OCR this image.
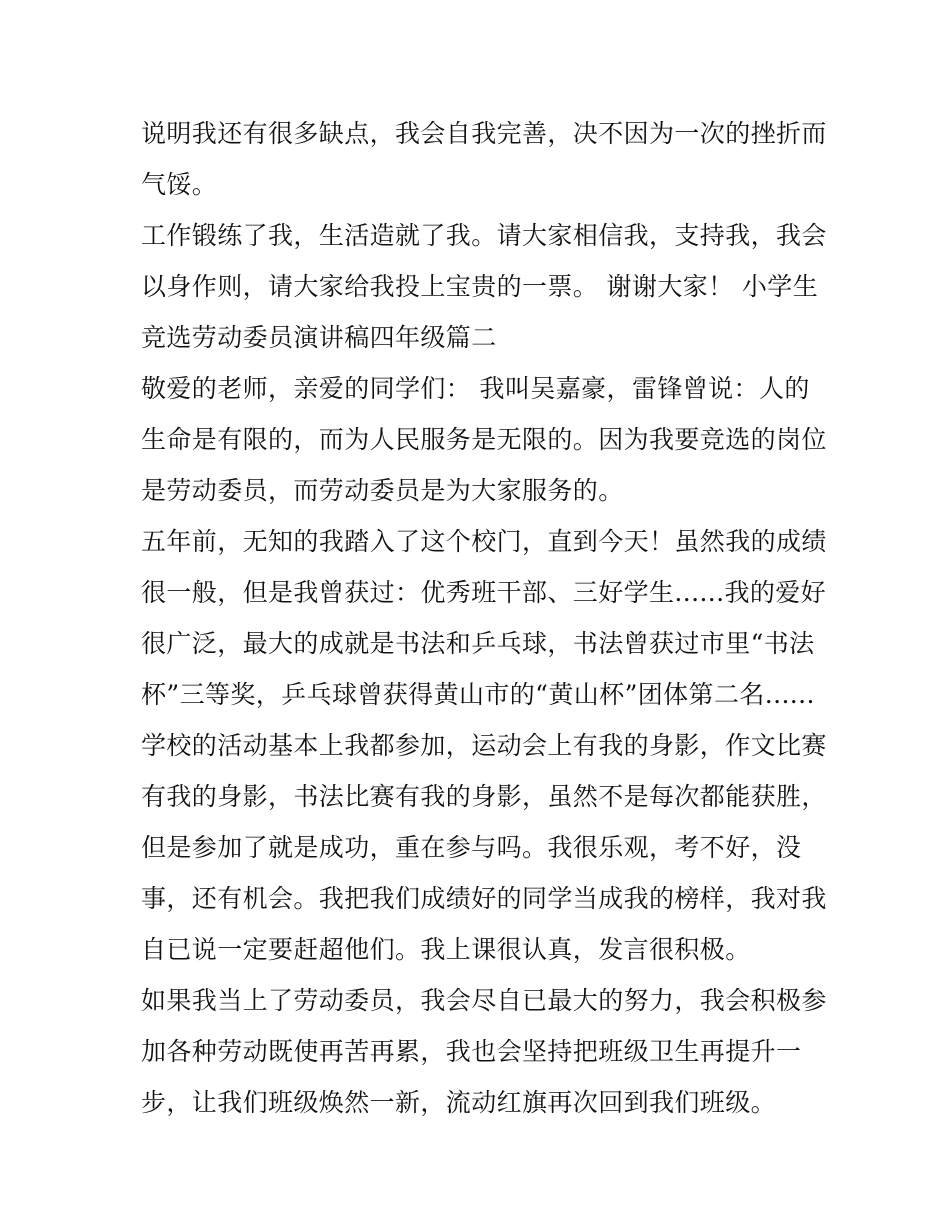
说明我还有很多缺点，我会自我完善，决不因为一次的挫折而
气馁。
工作锻练了我，生活造就了我。请大家相信我，支持我，我会
以身作则，请大家给我投上宝贵的一票。 谢谢大家！ 小学生
竞选劳动委员演讲稿四年级篇二
敬爱的老师，亲爱的同学们： 我叫吴嘉豪，雷锋曾说：人的
生命是有限的，而为人民服务是无限的。因为我要竞选的岗位
是劳动委员，而劳动委员是为大家服务的。
五年前，无知的我踏入了这个校门，直到今天！虽然我的成绩
很一般，但是我曾获过：优秀班干部、三好学生......我的爱好
很广泛，最大的成就是书法和乒乓球，书法曾获过市里“书法
杯”三等奖，乒乓球曾获得黄山市的“黄山杯”团体第二名......
学校的活动基本上我都参加，运动会上有我的身影，作文比赛
有我的身影，书法比赛有我的身影，虽然不是每次都能获胜，
但是参加了就是成功，重在参与吗。我很乐观，考不好，没
事，还有机会。我把我们成绩好的同学当成我的榜样，我对我
自已说一定要赶超他们。我上课很认真，发言很积极。
如果我当上了劳动委员，我会尽自已最大的努力，我会积极参
加各种劳动既使再苦再累，我也会坚持把班级卫生再提升一
步，让我们班级焕然一新，流动红旗再次回到我们班级。
